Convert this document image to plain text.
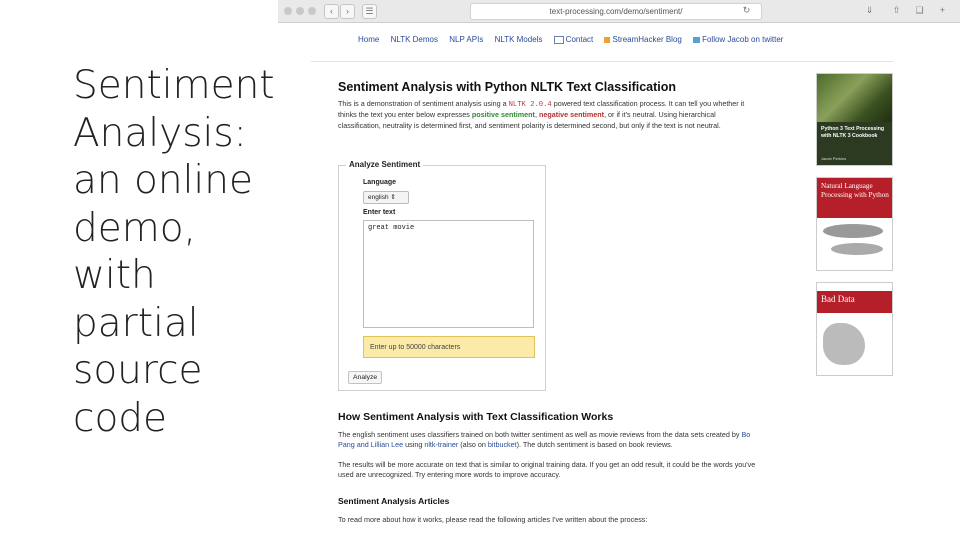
Sentiment
Analysis:
an online
demo,
with
partial
source
code
‹	›	☰	text-processing.com/demo/sentiment/	↻	⇓	⇧	❏	+
Home NLTK Demos NLP APIs NLTK Models	Contact StreamHacker Blog	Follow Jacob on twitter
Sentiment Analysis with Python NLTK Text Classification

This is a demonstration of sentiment analysis using a NLTK 2.0.4 powered text classification process. It can tell you whether it thinks the text you enter below expresses positive sentiment, negative sentiment, or if it's neutral. Using hierarchical classification, neutrality is determined first, and sentiment polarity is determined second, but only if the text is not neutral.

Analyze Sentiment
Language
english ⇕
Enter text
great movie
Enter up to 50000 characters
Analyze
Python 3 Text Processing with NLTK 3 Cookbook
Jacob Perkins
Natural Language Processing with Python
Bad Data
How Sentiment Analysis with Text Classification Works

The english sentiment uses classifiers trained on both twitter sentiment as well as movie reviews from the data sets created by Bo Pang and Lillian Lee using nltk-trainer (also on bitbucket). The dutch sentiment is based on book reviews.

The results will be more accurate on text that is similar to original training data. If you get an odd result, it could be the words you've used are unrecognized. Try entering more words to improve accuracy.

Sentiment Analysis Articles

To read more about how it works, please read the following articles I've written about the process:
